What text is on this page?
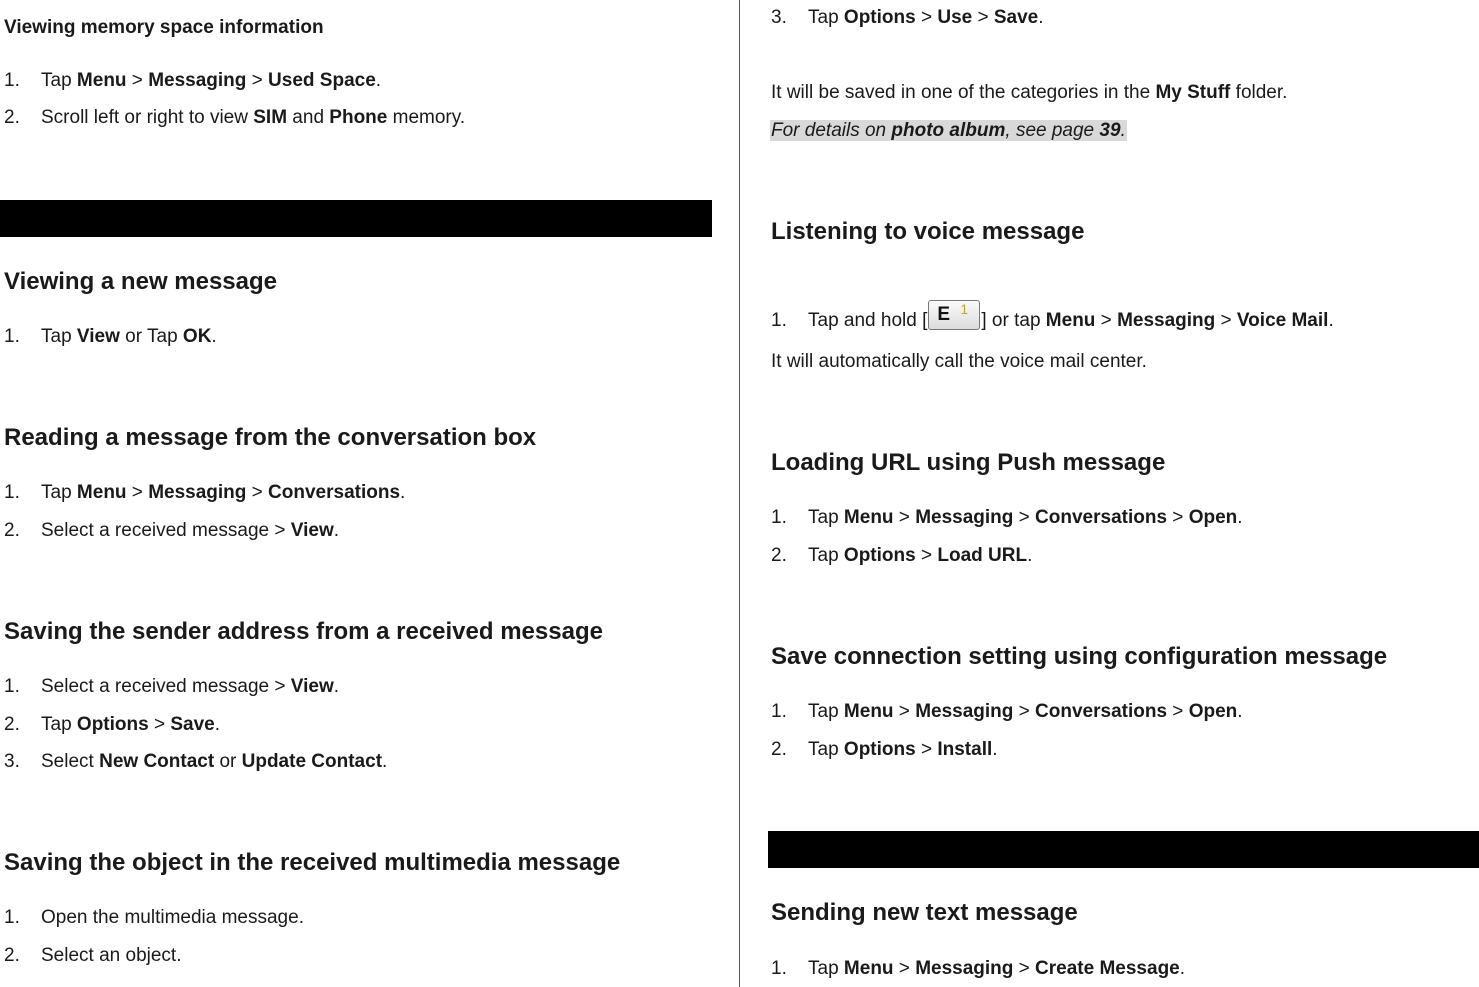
Viewing memory space information
1. Tap Menu > Messaging > Used Space.
2. Scroll left or right to view SIM and Phone memory.
Viewing a new message
1. Tap View or Tap OK.
Reading a message from the conversation box
1. Tap Menu > Messaging > Conversations.
2. Select a received message > View.
Saving the sender address from a received message
1. Select a received message > View.
2. Tap Options > Save.
3. Select New Contact or Update Contact.
Saving the object in the received multimedia message
1. Open the multimedia message.
2. Select an object.
3. Tap Options > Use > Save.
It will be saved in one of the categories in the My Stuff folder.
For details on photo album, see page 39.
Listening to voice message
1. Tap and hold [ E 1
] or tap Menu > Messaging > Voice Mail.
It will automatically call the voice mail center.
Loading URL using Push message
1. Tap Menu > Messaging > Conversations > Open.
2. Tap Options > Load URL.
Save connection setting using configuration message
1. Tap Menu > Messaging > Conversations > Open.
2. Tap Options > Install.
Sending new text message
1. Tap Menu > Messaging > Create Message.
